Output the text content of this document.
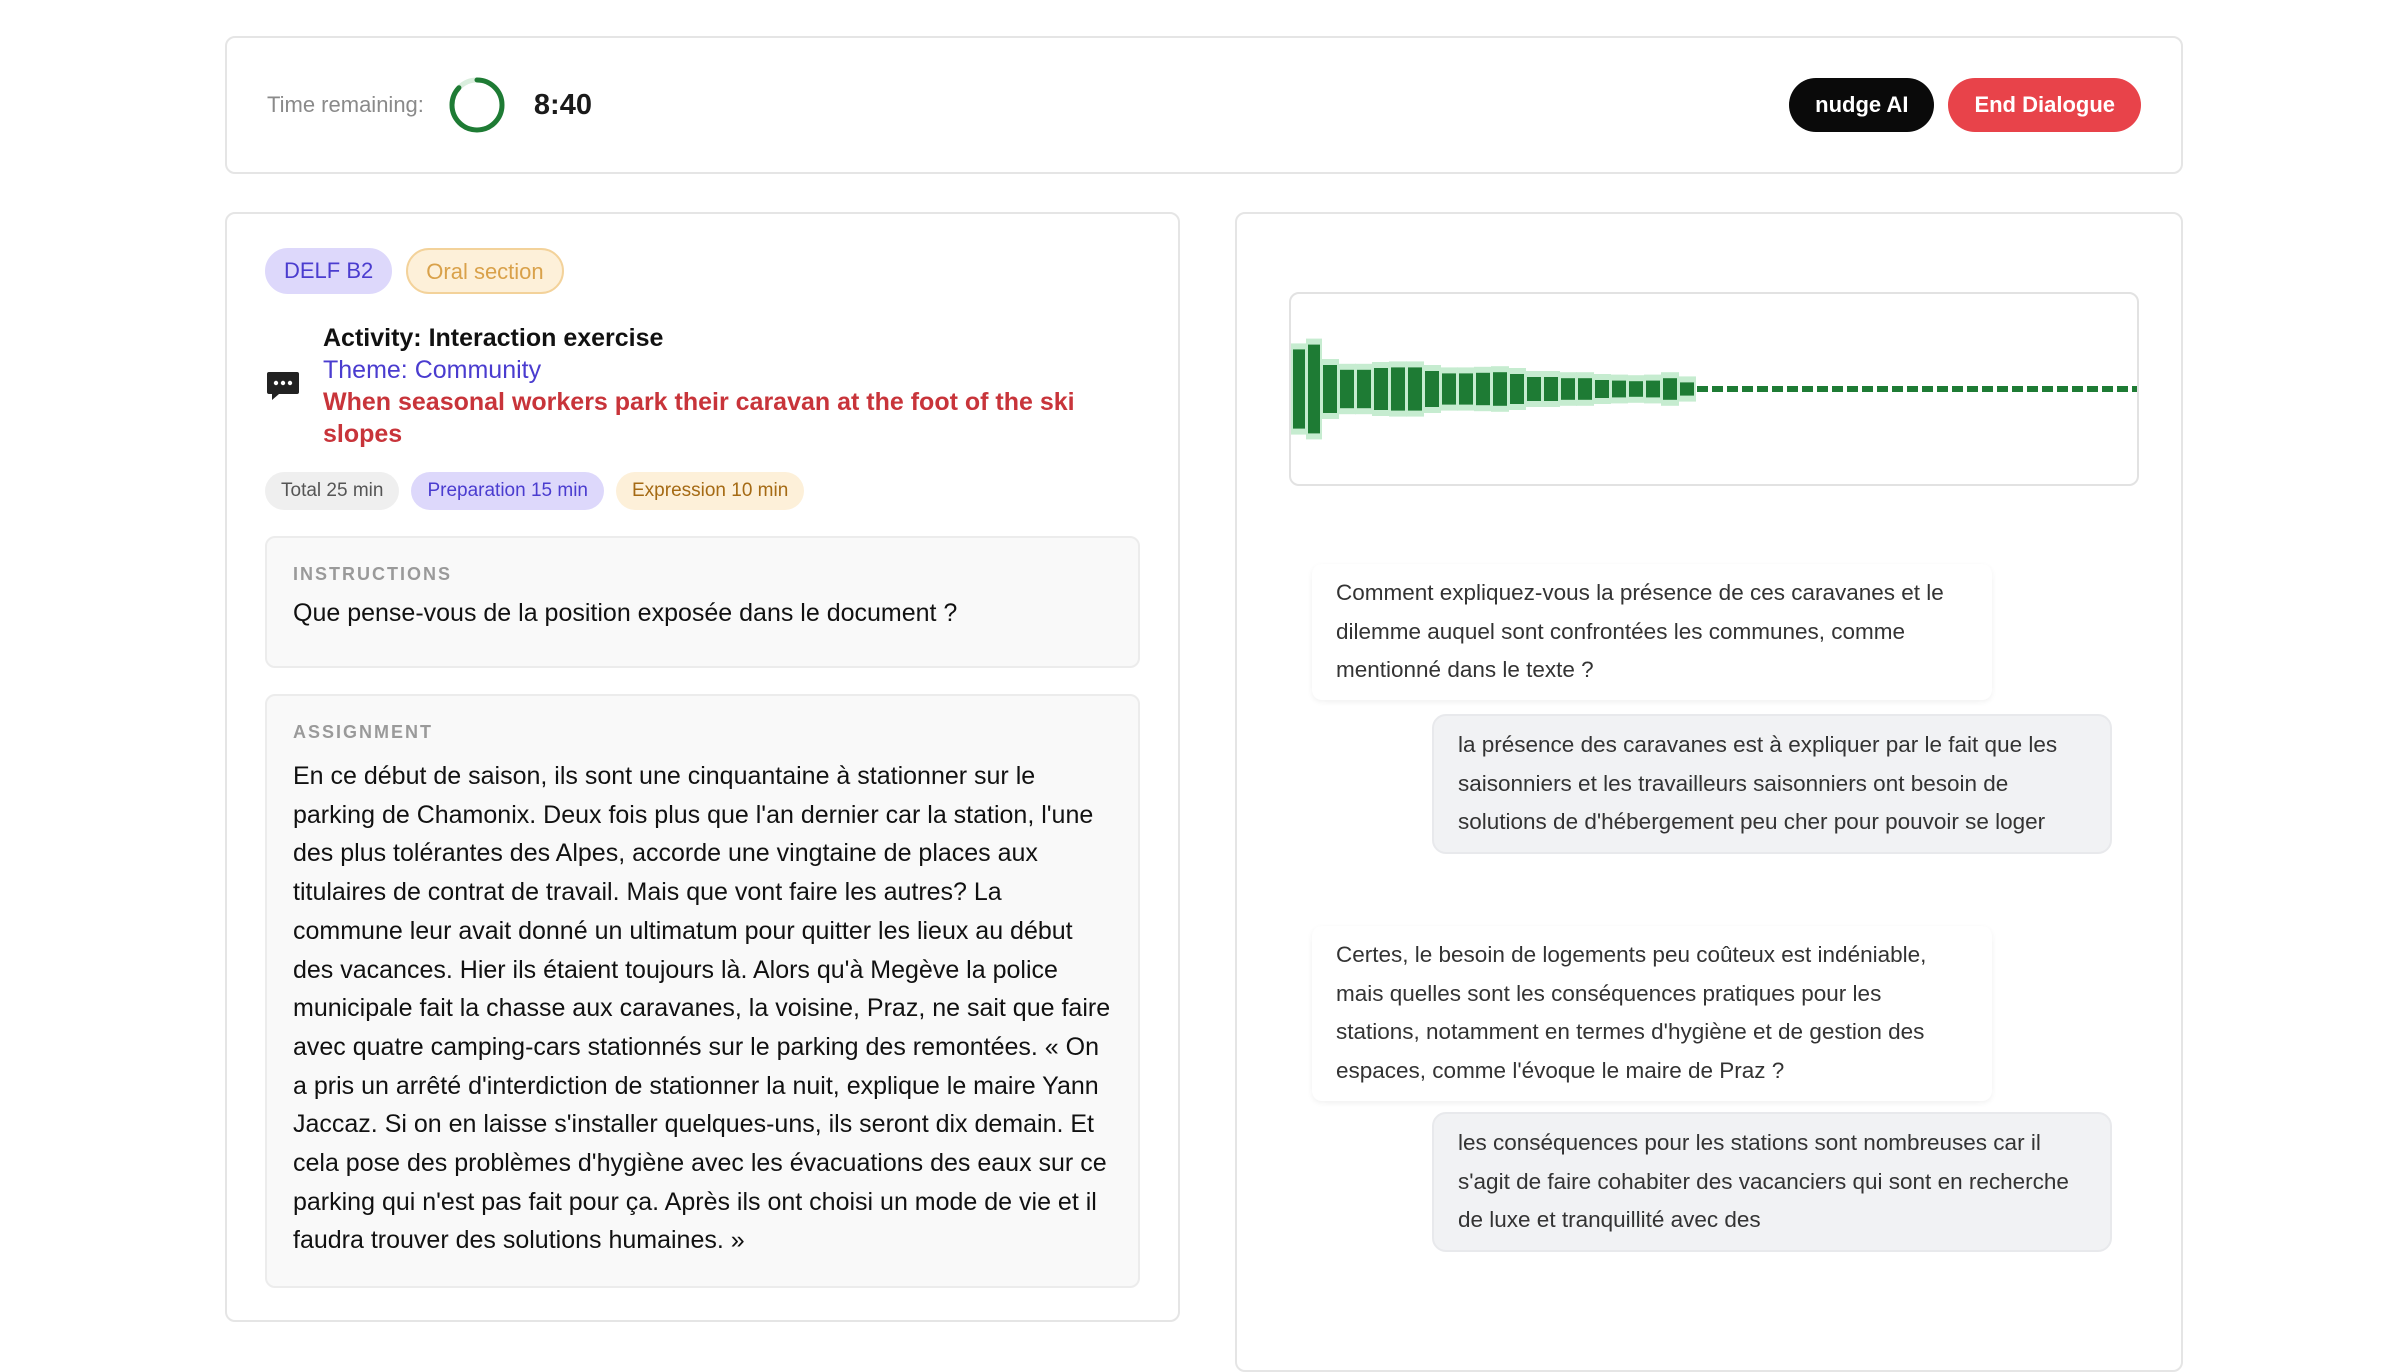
Time remaining:	8:40	nudge AI	End Dialogue
DELF B2	Oral section
Activity: Interaction exercise
Theme: Community
When seasonal workers park their caravan at the foot of the ski slopes
Total 25 min	Preparation 15 min	Expression 10 min
INSTRUCTIONS
Que pense-vous de la position exposée dans le document ?
ASSIGNMENT
En ce début de saison, ils sont une cinquantaine à stationner sur le parking de Chamonix. Deux fois plus que l'an dernier car la station, l'une des plus tolérantes des Alpes, accorde une vingtaine de places aux titulaires de contrat de travail. Mais que vont faire les autres? La commune leur avait donné un ultimatum pour quitter les lieux au début des vacances. Hier ils étaient toujours là. Alors qu'à Megève la police municipale fait la chasse aux caravanes, la voisine, Praz, ne sait que faire avec quatre camping-cars stationnés sur le parking des remontées. « On a pris un arrêté d'interdiction de stationner la nuit, explique le maire Yann Jaccaz. Si on en laisse s'installer quelques-uns, ils seront dix demain. Et cela pose des problèmes d'hygiène avec les évacuations des eaux sur ce parking qui n'est pas fait pour ça. Après ils ont choisi un mode de vie et il faudra trouver des solutions humaines. »
Comment expliquez-vous la présence de ces caravanes et le dilemme auquel sont confrontées les communes, comme mentionné dans le texte ?
la présence des caravanes est à expliquer par le fait que les saisonniers et les travailleurs saisonniers ont besoin de solutions de d'hébergement peu cher pour pouvoir se loger
Certes, le besoin de logements peu coûteux est indéniable, mais quelles sont les conséquences pratiques pour les stations, notamment en termes d'hygiène et de gestion des espaces, comme l'évoque le maire de Praz ?
les conséquences pour les stations sont nombreuses car il s'agit de faire cohabiter des vacanciers qui sont en recherche de luxe et tranquillité avec des
